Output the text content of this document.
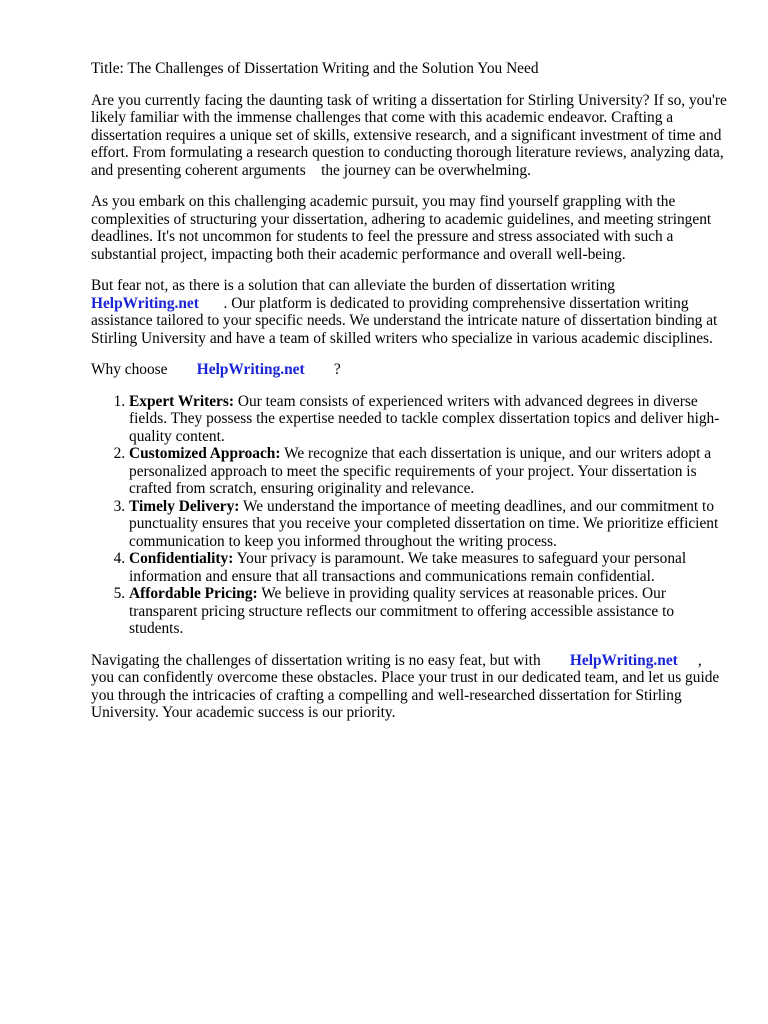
Title: The Challenges of Dissertation Writing and the Solution You Need

Are you currently facing the daunting task of writing a dissertation for Stirling University? If so, you're likely familiar with the immense challenges that come with this academic endeavor. Crafting a dissertation requires a unique set of skills, extensive research, and a significant investment of time and effort. From formulating a research question to conducting thorough literature reviews, analyzing data, and presenting coherent arguments    the journey can be overwhelming.

As you embark on this challenging academic pursuit, you may find yourself grappling with the complexities of structuring your dissertation, adhering to academic guidelines, and meeting stringent deadlines. It's not uncommon for students to feel the pressure and stress associated with such a substantial project, impacting both their academic performance and overall well-being.

But fear not, as there is a solution that can alleviate the burden of dissertation writing
HelpWriting.net . Our platform is dedicated to providing comprehensive dissertation writing assistance tailored to your specific needs. We understand the intricate nature of dissertation binding at Stirling University and have a team of skilled writers who specialize in various academic disciplines.

Why choose HelpWriting.net ?

1. Expert Writers: Our team consists of experienced writers with advanced degrees in diverse fields. They possess the expertise needed to tackle complex dissertation topics and deliver high-quality content.
2. Customized Approach: We recognize that each dissertation is unique, and our writers adopt a personalized approach to meet the specific requirements of your project. Your dissertation is crafted from scratch, ensuring originality and relevance.
3. Timely Delivery: We understand the importance of meeting deadlines, and our commitment to punctuality ensures that you receive your completed dissertation on time. We prioritize efficient communication to keep you informed throughout the writing process.
4. Confidentiality: Your privacy is paramount. We take measures to safeguard your personal information and ensure that all transactions and communications remain confidential.
5. Affordable Pricing: We believe in providing quality services at reasonable prices. Our transparent pricing structure reflects our commitment to offering accessible assistance to students.

Navigating the challenges of dissertation writing is no easy feat, but with HelpWriting.net , you can confidently overcome these obstacles. Place your trust in our dedicated team, and let us guide you through the intricacies of crafting a compelling and well-researched dissertation for Stirling University. Your academic success is our priority.
